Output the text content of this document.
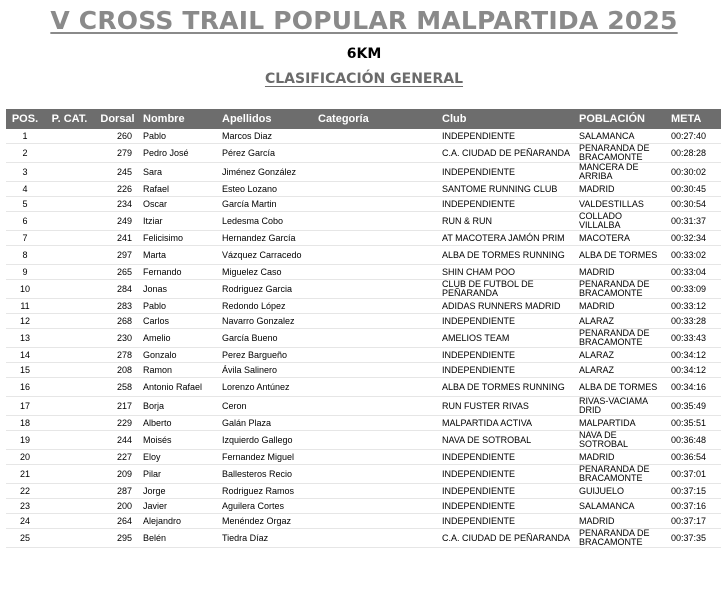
V CROSS TRAIL POPULAR MALPARTIDA 2025
6KM
CLASIFICACIÓN GENERAL
POS.	P. CAT.	Dorsal	Nombre	Apellidos	Categoría	Club	POBLACIÓN	META
1		260	Pablo	Marcos Diaz		INDEPENDIENTE	SALAMANCA	00:27:40
2		279	Pedro José	Pérez García		C.A. CIUDAD DE PEÑARANDA	PEÑARANDA DE BRACAMONTE	00:28:28
3		245	Sara	Jiménez González		INDEPENDIENTE	MANCERA DE ARRIBA	00:30:02
4		226	Rafael	Esteo Lozano		SANTOME RUNNING CLUB	MADRID	00:30:45
5		234	Oscar	García Martin		INDEPENDIENTE	VALDESTILLAS	00:30:54
6		249	Itziar	Ledesma Cobo		RUN & RUN	COLLADO VILLALBA	00:31:37
7		241	Felicisimo	Hernandez García		AT MACOTERA JAMÓN PRIM	MACOTERA	00:32:34
8		297	Marta	Vázquez Carracedo		ALBA DE TORMES RUNNING	ALBA DE TORMES	00:33:02
9		265	Fernando	Miguelez Caso		SHIN CHAM POO	MADRID	00:33:04
10		284	Jonas	Rodriguez Garcia		CLUB DE FUTBOL DE PEÑARANDA	PEÑARANDA DE BRACAMONTE	00:33:09
11		283	Pablo	Redondo López		ADIDAS RUNNERS MADRID	MADRID	00:33:12
12		268	Carlos	Navarro Gonzalez		INDEPENDIENTE	ALARAZ	00:33:28
13		230	Amelio	García Bueno		AMELIOS TEAM	PEÑARANDA DE BRACAMONTE	00:33:43
14		278	Gonzalo	Perez Bargueño		INDEPENDIENTE	ALARAZ	00:34:12
15		208	Ramon	Ávila Salinero		INDEPENDIENTE	ALARAZ	00:34:12
16		258	Antonio Rafael	Lorenzo Antúnez		ALBA DE TORMES RUNNING	ALBA DE TORMES	00:34:16
17		217	Borja	Ceron		RUN FUSTER RIVAS	RIVAS-VACIAMA DRID	00:35:49
18		229	Alberto	Galán Plaza		MALPARTIDA ACTIVA	MALPARTIDA	00:35:51
19		244	Moisés	Izquierdo Gallego		NAVA DE SOTROBAL	NAVA DE SOTROBAL	00:36:48
20		227	Eloy	Fernandez Miguel		INDEPENDIENTE	MADRID	00:36:54
21		209	Pilar	Ballesteros Recio		INDEPENDIENTE	PEÑARANDA DE BRACAMONTE	00:37:01
22		287	Jorge	Rodriguez Ramos		INDEPENDIENTE	GUIJUELO	00:37:15
23		200	Javier	Aguilera Cortes		INDEPENDIENTE	SALAMANCA	00:37:16
24		264	Alejandro	Menéndez Orgaz		INDEPENDIENTE	MADRID	00:37:17
25		295	Belén	Tiedra Díaz		C.A. CIUDAD DE PEÑARANDA	PEÑARANDA DE BRACAMONTE	00:37:35
